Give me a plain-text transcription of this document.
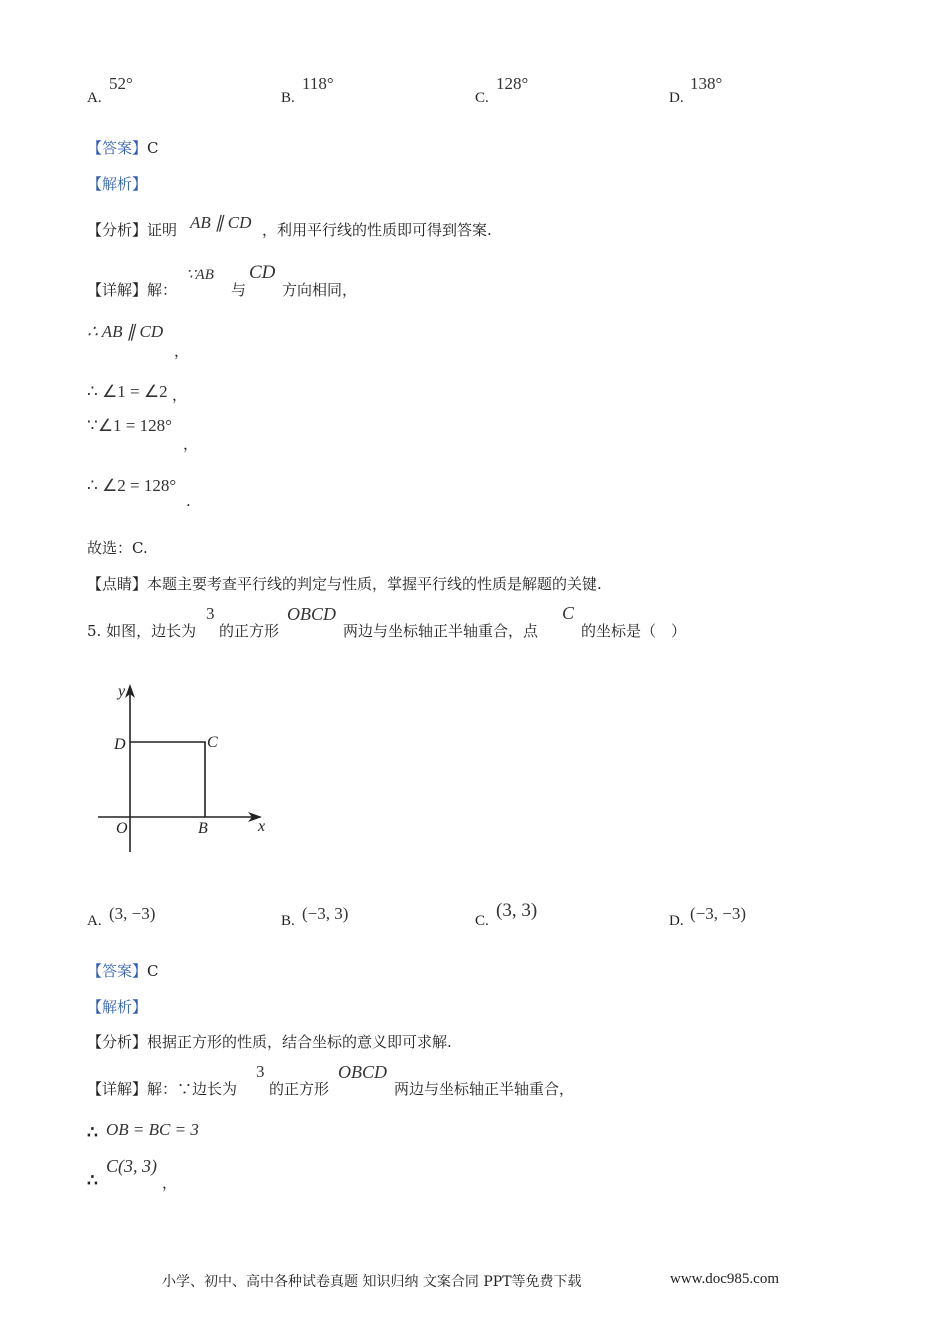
A.
52°
B.
118°
C.
128°
D.
138°
【答案】C
【解析】
【分析】证明 AB ∥ CD ，利用平行线的性质即可得到答案.
【详解】解：
∵AB
与
CD
方向相同，
∴ AB ∥ CD
，
∴ ∠1 = ∠2 ，
∵∠1 = 128°
，
∴ ∠2 = 128°
.
故选：C.
【点睛】本题主要考查平行线的判定与性质，掌握平行线的性质是解题的关键.
5. 如图，边长为
3
的正方形
OBCD
两边与坐标轴正半轴重合，点
C
的坐标是（　）
y
x
O	B
C
D
A. (3, −3)	B. (−3, 3)	C. (3, 3)	D. (−3, −3)
【答案】C
【解析】
【分析】根据正方形的性质，结合坐标的意义即可求解.
【详解】解：∵边长为
3
的正方形
OBCD
两边与坐标轴正半轴重合，
∴ OB = BC = 3
∴
C(3, 3)
，
小学、初中、高中各种试卷真题 知识归纳 文案合同 PPT等免费下载	www.doc985.com
